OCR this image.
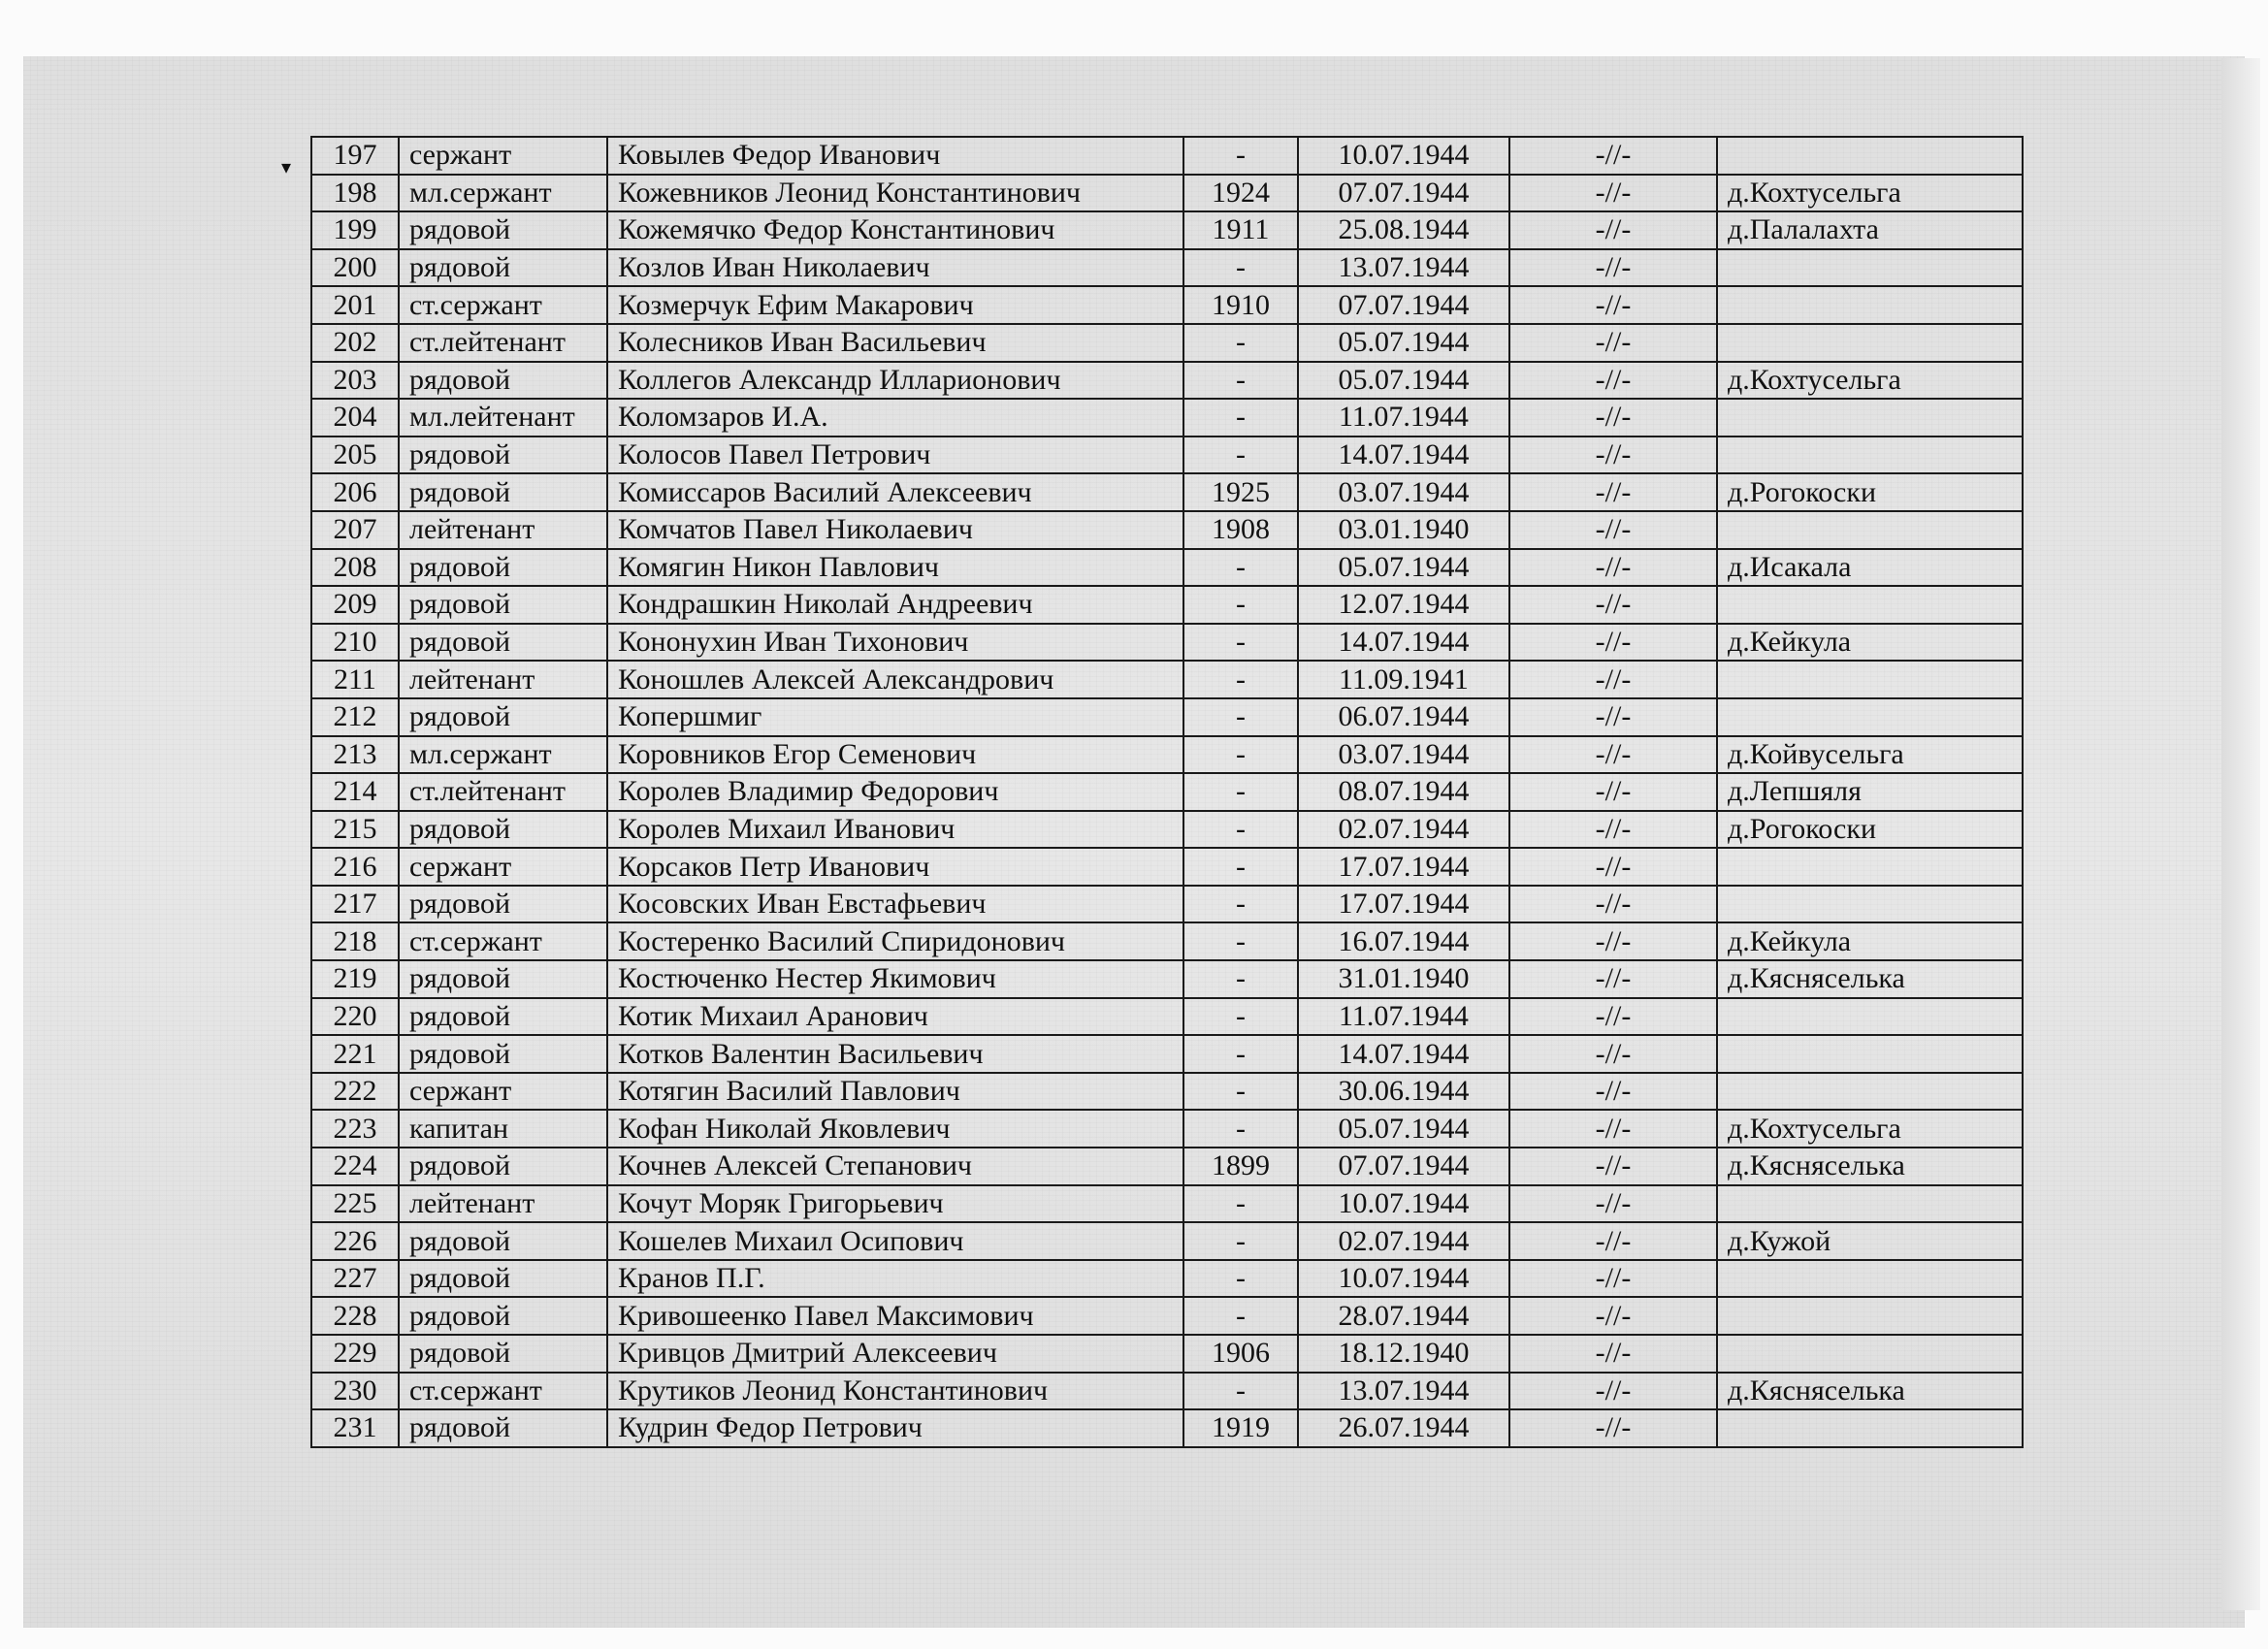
▾ 197	сержант	Ковылев Федор Иванович	-	10.07.1944	-//-	
198	мл.сержант	Кожевников Леонид Константинович	1924	07.07.1944	-//-	д.Кохтусельга
199	рядовой	Кожемячко Федор Константинович	1911	25.08.1944	-//-	д.Палалахта
200	рядовой	Козлов Иван Николаевич	-	13.07.1944	-//-	
201	ст.сержант	Козмерчук Ефим Макарович	1910	07.07.1944	-//-	
202	ст.лейтенант	Колесников Иван Васильевич	-	05.07.1944	-//-	
203	рядовой	Коллегов Александр Илларионович	-	05.07.1944	-//-	д.Кохтусельга
204	мл.лейтенант	Коломзаров И.А.	-	11.07.1944	-//-	
205	рядовой	Колосов Павел Петрович	-	14.07.1944	-//-	
206	рядовой	Комиссаров Василий Алексеевич	1925	03.07.1944	-//-	д.Рогокоски
207	лейтенант	Комчатов Павел Николаевич	1908	03.01.1940	-//-	
208	рядовой	Комягин Никон Павлович	-	05.07.1944	-//-	д.Исакала
209	рядовой	Кондрашкин Николай Андреевич	-	12.07.1944	-//-	
210	рядовой	Кононухин Иван Тихонович	-	14.07.1944	-//-	д.Кейкула
211	лейтенант	Коношлев Алексей Александрович	-	11.09.1941	-//-	
212	рядовой	Копершмиг	-	06.07.1944	-//-	
213	мл.сержант	Коровников Егор Семенович	-	03.07.1944	-//-	д.Койвусельга
214	ст.лейтенант	Королев Владимир Федорович	-	08.07.1944	-//-	д.Лепшяля
215	рядовой	Королев Михаил Иванович	-	02.07.1944	-//-	д.Рогокоски
216	сержант	Корсаков Петр Иванович	-	17.07.1944	-//-	
217	рядовой	Косовских Иван Евстафьевич	-	17.07.1944	-//-	
218	ст.сержант	Костеренко Василий Спиридонович	-	16.07.1944	-//-	д.Кейкула
219	рядовой	Костюченко Нестер Якимович	-	31.01.1940	-//-	д.Кясняселька
220	рядовой	Котик Михаил Аранович	-	11.07.1944	-//-	
221	рядовой	Котков Валентин Васильевич	-	14.07.1944	-//-	
222	сержант	Котягин Василий Павлович	-	30.06.1944	-//-	
223	капитан	Кофан Николай Яковлевич	-	05.07.1944	-//-	д.Кохтусельга
224	рядовой	Кочнев Алексей Степанович	1899	07.07.1944	-//-	д.Кясняселька
225	лейтенант	Кочут Моряк Григорьевич	-	10.07.1944	-//-	
226	рядовой	Кошелев Михаил Осипович	-	02.07.1944	-//-	д.Кужой
227	рядовой	Кранов П.Г.	-	10.07.1944	-//-	
228	рядовой	Кривошеенко Павел Максимович	-	28.07.1944	-//-	
229	рядовой	Кривцов Дмитрий Алексеевич	1906	18.12.1940	-//-	
230	ст.сержант	Крутиков Леонид Константинович	-	13.07.1944	-//-	д.Кясняселька
231	рядовой	Кудрин Федор Петрович	1919	26.07.1944	-//-	
